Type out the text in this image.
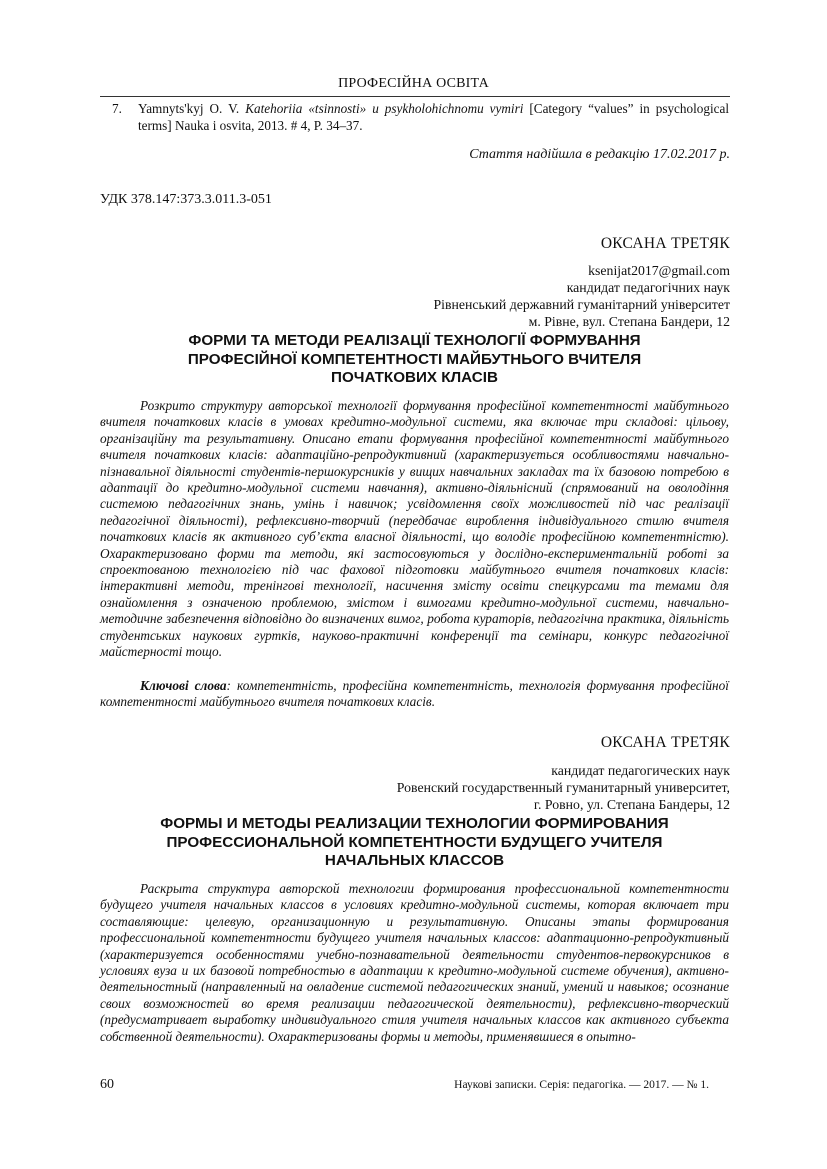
ПРОФЕСІЙНА ОСВІТА
7. Yamnyts'kyj O. V. Katehoriia «tsinnosti» u psykholohichnomu vymiri [Category “values” in psychological terms] Nauka i osvita, 2013. # 4, P. 34–37.
Стаття надійшла в редакцію 17.02.2017 р.
УДК 378.147:373.3.011.3-051
ОКСАНА ТРЕТЯК
ksenijat2017@gmail.com
кандидат педагогічних наук
Рівненський державний гуманітарний університет
м. Рівне, вул. Степана Бандери, 12
ФОРМИ ТА МЕТОДИ РЕАЛІЗАЦІЇ ТЕХНОЛОГІЇ ФОРМУВАННЯ
ПРОФЕСІЙНОЇ КОМПЕТЕНТНОСТІ МАЙБУТНЬОГО ВЧИТЕЛЯ
ПОЧАТКОВИХ КЛАСІВ

Розкрито структуру авторської технології формування професійної компетентності майбутнього вчителя початкових класів в умовах кредитно-модульної системи, яка включає три складові: цільову, організаційну та результативну. Описано етапи формування професійної компетентності майбутнього вчителя початкових класів: адаптаційно-репродуктивний (характеризується особливостями навчально-пізнавальної діяльності студентів-першокурсників у вищих навчальних закладах та їх базовою потребою в адаптації до кредитно-модульної системи навчання), активно-діяльнісний (спрямований на оволодіння системою педагогічних знань, умінь і навичок; усвідомлення своїх можливостей під час реалізації педагогічної діяльності), рефлексивно-творчий (передбачає вироблення індивідуального стилю вчителя початкових класів як активного суб’єкта власної діяльності, що володіє професійною компетентністю). Охарактеризовано форми та методи, які застосовуються у дослідно-експериментальній роботі за спроектованою технологією під час фахової підготовки майбутнього вчителя початкових класів: інтерактивні методи, тренінгові технології, насичення змісту освіти спецкурсами та темами для ознайомлення з означеною проблемою, змістом і вимогами кредитно-модульної системи, навчально-методичне забезпечення відповідно до визначених вимог, робота кураторів, педагогічна практика, діяльність студентських наукових гуртків, науково-практичні конференції та семінари, конкурс педагогічної майстерності тощо.

Ключові слова: компетентність, професійна компетентність, технологія формування професійної компетентності майбутнього вчителя початкових класів.

ОКСАНА ТРЕТЯК
кандидат педагогических наук
Ровенский государственный гуманитарный университет,
г. Ровно, ул. Степана Бандеры, 12
ФОРМЫ И МЕТОДЫ РЕАЛИЗАЦИИ ТЕХНОЛОГИИ ФОРМИРОВАНИЯ
ПРОФЕССИОНАЛЬНОЙ КОМПЕТЕНТНОСТИ БУДУЩЕГО УЧИТЕЛЯ
НАЧАЛЬНЫХ КЛАССОВ

Раскрыта структура авторской технологии формирования профессиональной компетентности будущего учителя начальных классов в условиях кредитно-модульной системы, которая включает три составляющие: целевую, организационную и результативную. Описаны этапы формирования профессиональной компетентности будущего учителя начальных классов: адаптационно-репродуктивный (характеризуется особенностями учебно-познавательной деятельности студентов-первокурсников в условиях вуза и их базовой потребностью в адаптации к кредитно-модульной системе обучения), активно-деятельностный (направленный на овладение системой педагогических знаний, умений и навыков; осознание своих возможностей во время реализации педагогической деятельности), рефлексивно-творческий (предусматривает выработку индивидуального стиля учителя начальных классов как активного субъекта собственной деятельности). Охарактеризованы формы и методы, применявшиеся в опытно-

60	Наукові записки. Серія: педагогіка. — 2017. — № 1.
